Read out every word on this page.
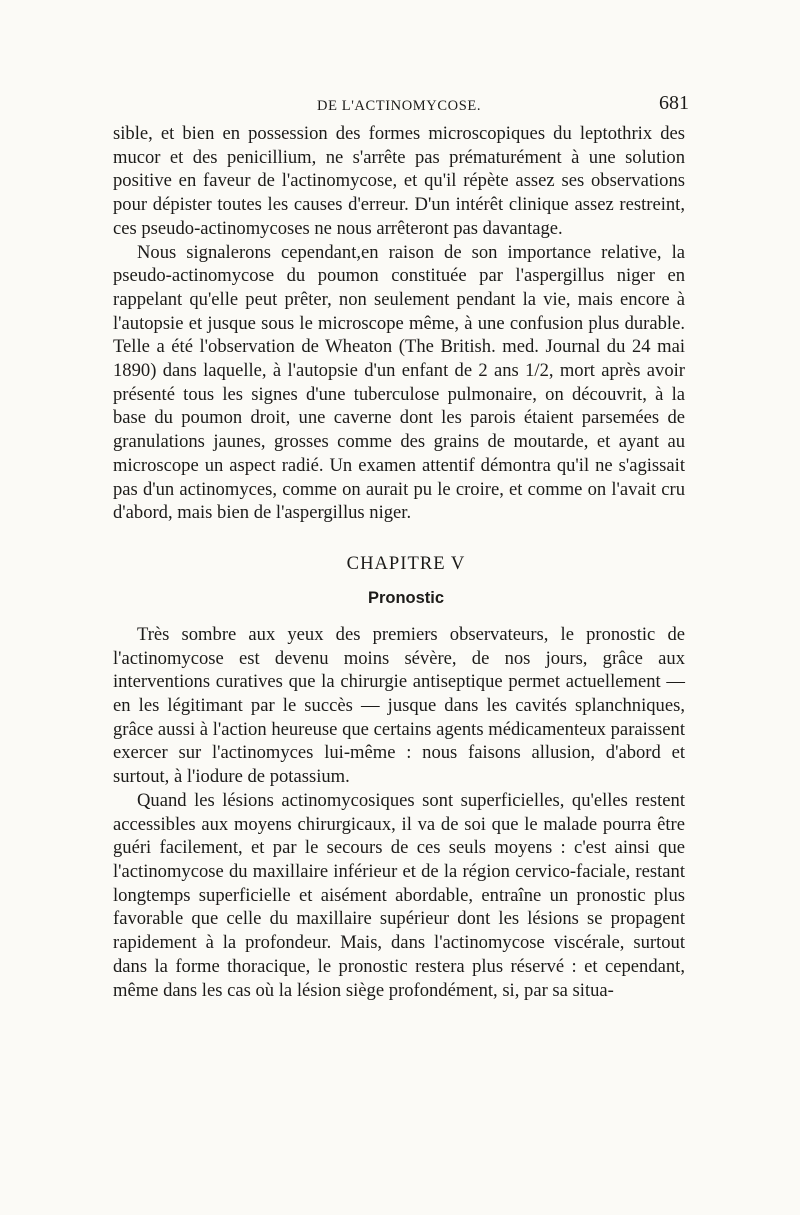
DE L'ACTINOMYCOSE.	681

sible, et bien en possession des formes microscopiques du leptothrix des mucor et des penicillium, ne s'arrête pas prématurément à une solution positive en faveur de l'actinomycose, et qu'il répète assez ses observations pour dépister toutes les causes d'erreur. D'un intérêt clinique assez restreint, ces pseudo-actinomycoses ne nous arrêteront pas davantage.

Nous signalerons cependant,en raison de son importance relative, la pseudo-actinomycose du poumon constituée par l'aspergillus niger en rappelant qu'elle peut prêter, non seulement pendant la vie, mais encore à l'autopsie et jusque sous le microscope même, à une confusion plus durable. Telle a été l'observation de Wheaton (The British. med. Journal du 24 mai 1890) dans laquelle, à l'autopsie d'un enfant de 2 ans 1/2, mort après avoir présenté tous les signes d'une tuberculose pulmonaire, on découvrit, à la base du poumon droit, une caverne dont les parois étaient parsemées de granulations jaunes, grosses comme des grains de moutarde, et ayant au microscope un aspect radié. Un examen attentif démontra qu'il ne s'agissait pas d'un actinomyces, comme on aurait pu le croire, et comme on l'avait cru d'abord, mais bien de l'aspergillus niger.

CHAPITRE V
Pronostic

Très sombre aux yeux des premiers observateurs, le pronostic de l'actinomycose est devenu moins sévère, de nos jours, grâce aux interventions curatives que la chirurgie antiseptique permet actuellement — en les légitimant par le succès — jusque dans les cavités splanchniques, grâce aussi à l'action heureuse que certains agents médicamenteux paraissent exercer sur l'actinomyces lui-même : nous faisons allusion, d'abord et surtout, à l'iodure de potassium.

Quand les lésions actinomycosiques sont superficielles, qu'elles restent accessibles aux moyens chirurgicaux, il va de soi que le malade pourra être guéri facilement, et par le secours de ces seuls moyens : c'est ainsi que l'actinomycose du maxillaire inférieur et de la région cervico-faciale, restant longtemps superficielle et aisément abordable, entraîne un pronostic plus favorable que celle du maxillaire supérieur dont les lésions se propagent rapidement à la profondeur. Mais, dans l'actinomycose viscérale, surtout dans la forme thoracique, le pronostic restera plus réservé : et cependant, même dans les cas où la lésion siège profondément, si, par sa situa-
